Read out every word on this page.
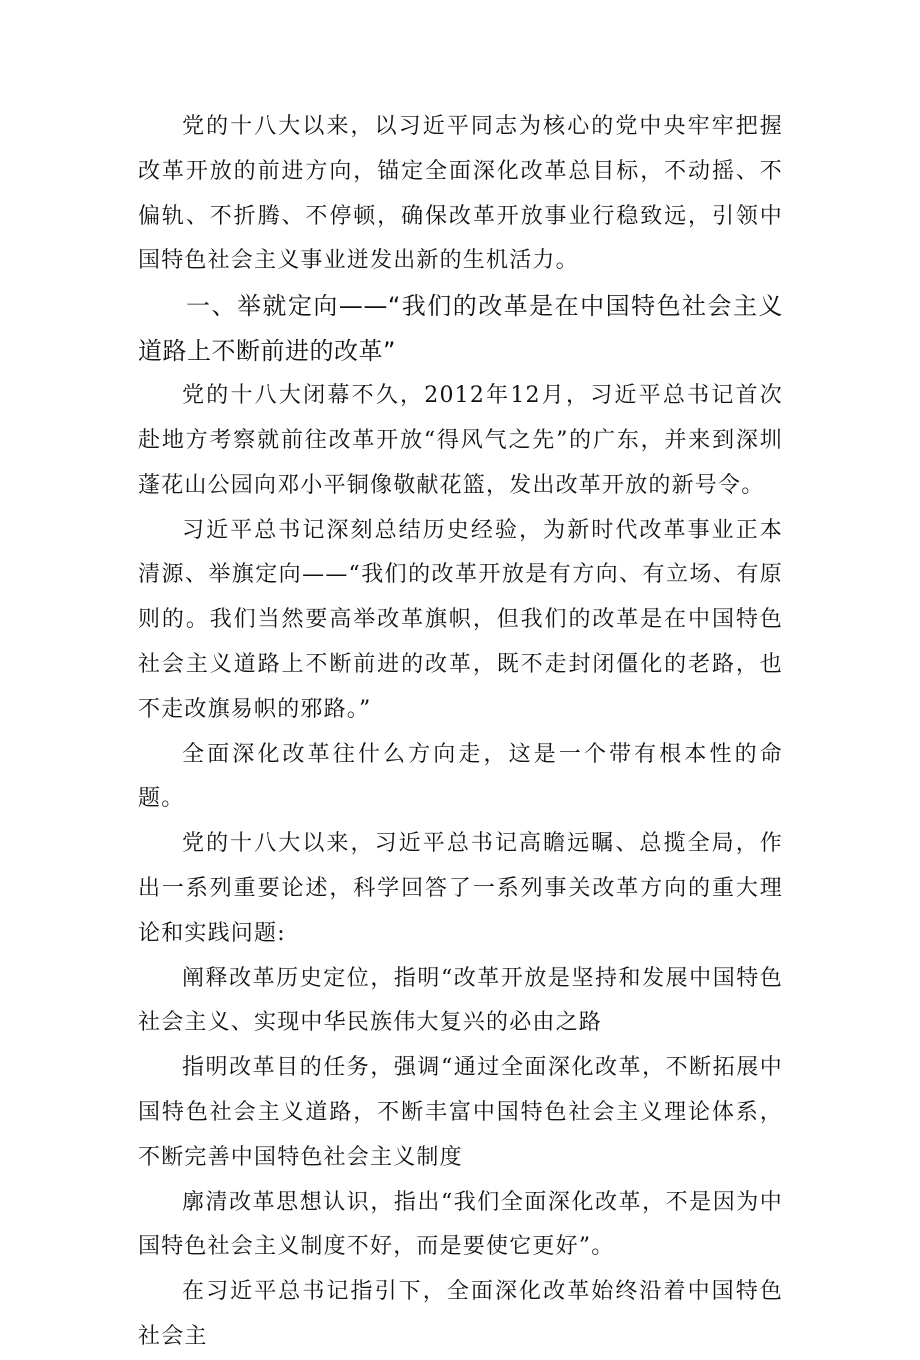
党的十八大以来，以习近平同志为核心的党中央牢牢把握改革开放的前进方向，锚定全面深化改革总目标，不动摇、不偏轨、不折腾、不停顿，确保改革开放事业行稳致远，引领中国特色社会主义事业迸发出新的生机活力。

一、举就定向——“我们的改革是在中国特色社会主义道路上不断前进的改革”

党的十八大闭幕不久，2012年12月，习近平总书记首次赴地方考察就前往改革开放“得风气之先”的广东，并来到深圳蓬花山公园向邓小平铜像敬献花篮，发出改革开放的新号令。

习近平总书记深刻总结历史经验，为新时代改革事业正本清源、举旗定向——“我们的改革开放是有方向、有立场、有原则的。我们当然要高举改革旗帜，但我们的改革是在中国特色社会主义道路上不断前进的改革，既不走封闭僵化的老路，也不走改旗易帜的邪路。”

全面深化改革往什么方向走，这是一个带有根本性的命题。

党的十八大以来，习近平总书记高瞻远瞩、总揽全局，作出一系列重要论述，科学回答了一系列事关改革方向的重大理论和实践问题:

阐释改革历史定位，指明“改革开放是坚持和发展中国特色社会主义、实现中华民族伟大复兴的必由之路

指明改革目的任务，强调“通过全面深化改革，不断拓展中国特色社会主义道路，不断丰富中国特色社会主义理论体系，不断完善中国特色社会主义制度

廓清改革思想认识，指出“我们全面深化改革，不是因为中国特色社会主义制度不好，而是要使它更好”。

在习近平总书记指引下，全面深化改革始终沿着中国特色社会主
